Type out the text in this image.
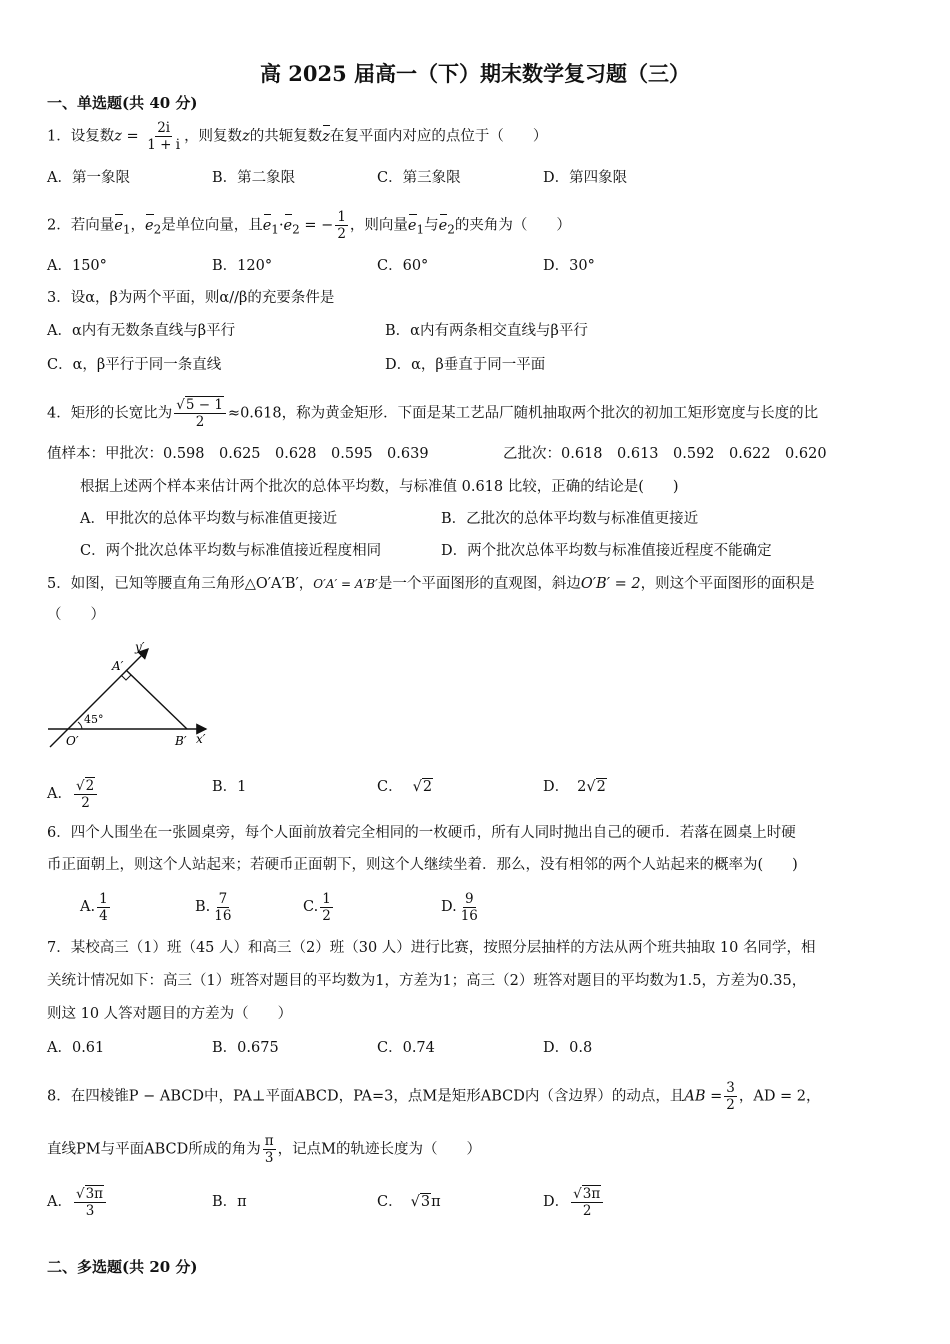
高 2025 届高一（下）期末数学复习题（三）
一、单选题(共 40 分)
1．设复数$z = \frac{2i}{1 + i}$ ，则复数z的共轭复数z在复平面内对应的点位于（　　）
A．第一象限	B．第二象限	C．第三象限	D．第四象限
2．若向量$e_1$，$e_2$是单位向量，且$e_1\cdot e_2$ = − $\frac{1}{2}$ ，则向量$e_1$与$e_2$的夹角为（　　）
A．150°	B．120°	C．60°	D．30°
3．设α，β为两个平面，则α//β的充要条件是
A．α内有无数条直线与β平行	B．α内有两条相交直线与β平行
C．α，β平行于同一条直线	D．α，β垂直于同一平面
4．矩形的长宽比为 $\frac{√5 - 1}{2} \approx 0.618$，称为黄金矩形．下面是某工艺品厂随机抽取两个批次的初加工矩形宽度与长度的比
值样本：甲批次：0.598　0.625　0.628　0.595　0.639	乙批次：0.618　0.613　0.592　0.622　0.620
根据上述两个样本来估计两个批次的总体平均数，与标准值 0.618 比较，正确的结论是(　　)
A．甲批次的总体平均数与标准值更接近	B．乙批次的总体平均数与标准值更接近
C．两个批次总体平均数与标准值接近程度相同	D．两个批次总体平均数与标准值接近程度不能确定
5．如图，已知等腰直角三角形△O′A′B′，O′A′ = A′B′是一个平面图形的直观图，斜边O′B′ = 2，则这个平面图形的面积是
（　　）
y′
A′
45°
O′	B′ x′
A． $\frac{√2}{2}$	B．1	C． √2	D． 2√2
6．四个人围坐在一张圆桌旁，每个人面前放着完全相同的一枚硬币，所有人同时抛出自己的硬币．若落在圆桌上时硬
币正面朝上，则这个人站起来；若硬币正面朝下，则这个人继续坐着．那么，没有相邻的两个人站起来的概率为(　　)
A. $\frac{1}{4}$	B. $\frac{7}{16}$	C. $\frac{1}{2}$	D. $\frac{9}{16}$
7．某校高三（1）班（45 人）和高三（2）班（30 人）进行比赛，按照分层抽样的方法从两个班共抽取 10 名同学，相
关统计情况如下：高三（1）班答对题目的平均数为1，方差为1；高三（2）班答对题目的平均数为1.5，方差为0.35，
则这 10 人答对题目的方差为（　　）
A．0.61	B．0.675	C．0.74	D．0.8
8．在四棱锥P − ABCD中，PA⊥平面ABCD，PA=3，点M是矩形ABCD内（含边界）的动点，且AB = $\frac{3}{2}$ ，AD = 2，
直线PM与平面ABCD所成的角为 $\frac{\pi}{3}$ ，记点M的轨迹长度为（　　）
A． $\frac{√3\pi}{3}$	B．π	C． √3π	D． $\frac{√3\pi}{2}$
二、多选题(共 20 分)
